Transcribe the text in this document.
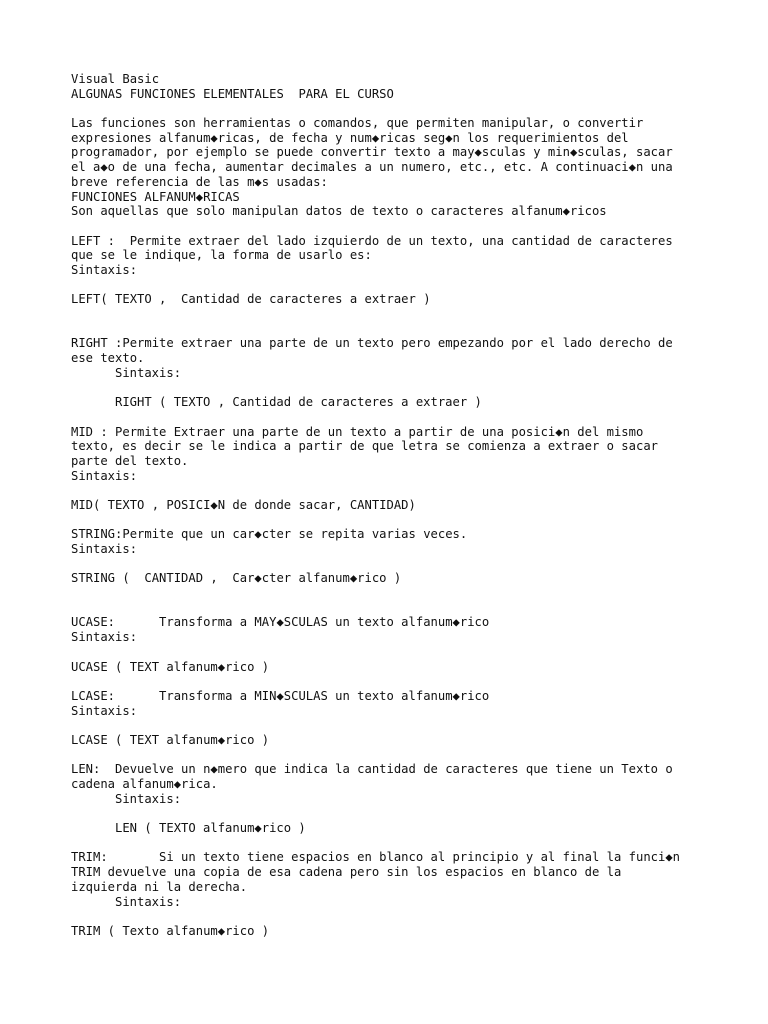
Visual Basic
ALGUNAS FUNCIONES ELEMENTALES  PARA EL CURSO
Las funciones son herramientas o comandos, que permiten manipular, o convertir
expresiones alfanum◆ricas, de fecha y num◆ricas seg◆n los requerimientos del
programador, por ejemplo se puede convertir texto a may◆sculas y min◆sculas, sacar
el a◆o de una fecha, aumentar decimales a un numero, etc., etc. A continuaci◆n una
breve referencia de las m◆s usadas:
FUNCIONES ALFANUM◆RICAS
Son aquellas que solo manipulan datos de texto o caracteres alfanum◆ricos
LEFT :  Permite extraer del lado izquierdo de un texto, una cantidad de caracteres
que se le indique, la forma de usarlo es:
Sintaxis:
LEFT( TEXTO ,  Cantidad de caracteres a extraer )
RIGHT :Permite extraer una parte de un texto pero empezando por el lado derecho de
ese texto.
Sintaxis:
RIGHT ( TEXTO , Cantidad de caracteres a extraer )
MID : Permite Extraer una parte de un texto a partir de una posici◆n del mismo
texto, es decir se le indica a partir de que letra se comienza a extraer o sacar
parte del texto.
Sintaxis:
MID( TEXTO , POSICI◆N de donde sacar, CANTIDAD)
STRING:Permite que un car◆cter se repita varias veces.
Sintaxis:
STRING (  CANTIDAD ,  Car◆cter alfanum◆rico )
UCASE:      Transforma a MAY◆SCULAS un texto alfanum◆rico
Sintaxis:
UCASE ( TEXT alfanum◆rico )
LCASE:      Transforma a MIN◆SCULAS un texto alfanum◆rico
Sintaxis:
LCASE ( TEXT alfanum◆rico )
LEN:  Devuelve un n◆mero que indica la cantidad de caracteres que tiene un Texto o
cadena alfanum◆rica.
Sintaxis:
LEN ( TEXTO alfanum◆rico )
TRIM:       Si un texto tiene espacios en blanco al principio y al final la funci◆n
TRIM devuelve una copia de esa cadena pero sin los espacios en blanco de la
izquierda ni la derecha.
Sintaxis:
TRIM ( Texto alfanum◆rico )
